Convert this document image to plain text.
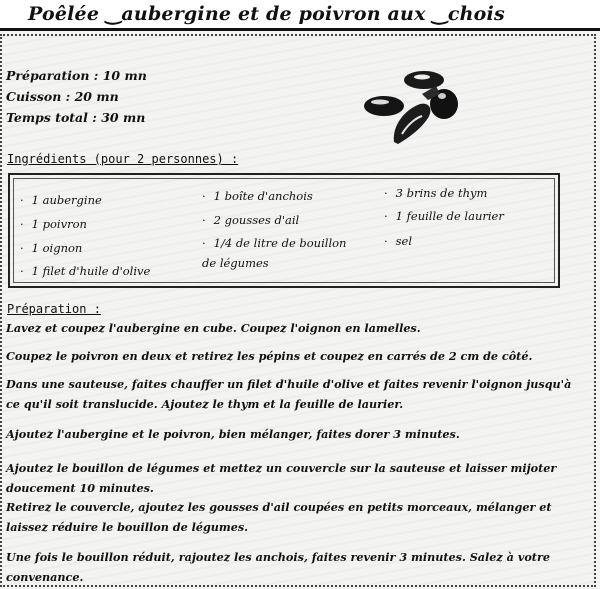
Poêlée ‿aubergine et de poivron aux ‿chois
Préparation : 10 mn
Cuisson : 20 mn
Temps total : 30 mn
Ingrédients (pour 2 personnes) :
· 1 aubergine
· 1 poivron
· 1 oignon
· 1 filet d'huile d'olive
· 1 boîte d'anchois
· 2 gousses d'ail
· 1/4 de litre de bouillon
de légumes
· 3 brins de thym
· 1 feuille de laurier
· sel
Préparation :
Lavez et coupez l'aubergine en cube. Coupez l'oignon en lamelles.
Coupez le poivron en deux et retirez les pépins et coupez en carrés de 2 cm de côté.
Dans une sauteuse, faites chauffer un filet d'huile d'olive et faites revenir l'oignon jusqu'à ce qu'il soit translucide. Ajoutez le thym et la feuille de laurier.
Ajoutez l'aubergine et le poivron, bien mélanger, faites dorer 3 minutes.
Ajoutez le bouillon de légumes et mettez un couvercle sur la sauteuse et laisser mijoter doucement 10 minutes.
Retirez le couvercle, ajoutez les gousses d'ail coupées en petits morceaux, mélanger et laissez réduire le bouillon de légumes.
Une fois le bouillon réduit, rajoutez les anchois, faites revenir 3 minutes. Salez à votre convenance.
